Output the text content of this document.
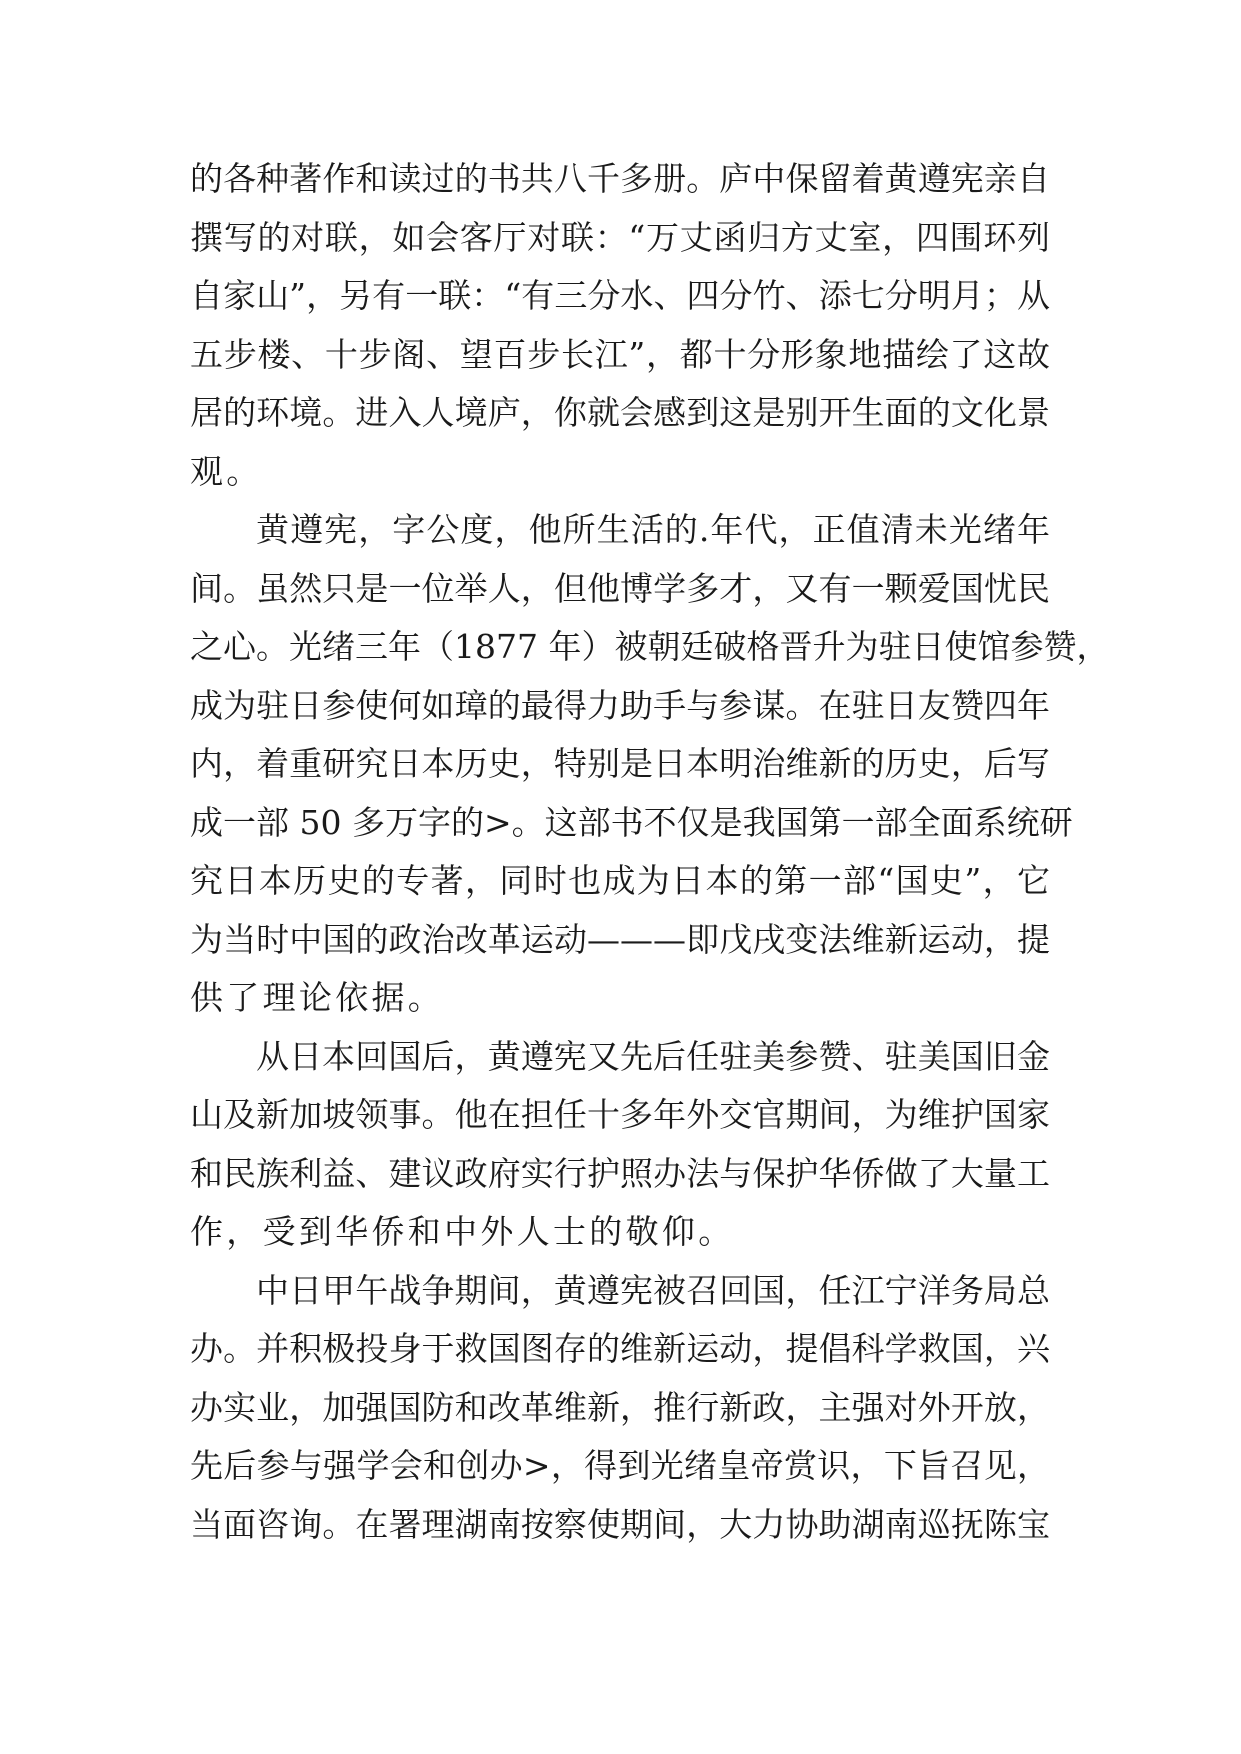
的各种著作和读过的书共八千多册。庐中保留着黄遵宪亲自
撰写的对联，如会客厅对联：“万丈函归方丈室，四围环列
自家山”，另有一联：“有三分水、四分竹、添七分明月；从
五步楼、十步阁、望百步长江”，都十分形象地描绘了这故
居的环境。进入人境庐，你就会感到这是别开生面的文化景
观。
黄遵宪，字公度，他所生活的.年代，正值清未光绪年
间。虽然只是一位举人，但他博学多才，又有一颗爱国忧民
之心。光绪三年（1877 年）被朝廷破格晋升为驻日使馆参赞，
成为驻日参使何如璋的最得力助手与参谋。在驻日友赞四年
内，着重研究日本历史，特别是日本明治维新的历史，后写
成一部 50 多万字的>。这部书不仅是我国第一部全面系统研
究日本历史的专著，同时也成为日本的第一部“国史”，它
为当时中国的政治改革运动———即戊戌变法维新运动，提
供了理论依据。
从日本回国后，黄遵宪又先后任驻美参赞、驻美国旧金
山及新加坡领事。他在担任十多年外交官期间，为维护国家
和民族利益、建议政府实行护照办法与保护华侨做了大量工
作，受到华侨和中外人士的敬仰。
中日甲午战争期间，黄遵宪被召回国，任江宁洋务局总
办。并积极投身于救国图存的维新运动，提倡科学救国，兴
办实业，加强国防和改革维新，推行新政，主强对外开放，
先后参与强学会和创办>，得到光绪皇帝赏识，下旨召见，
当面咨询。在署理湖南按察使期间，大力协助湖南巡抚陈宝
